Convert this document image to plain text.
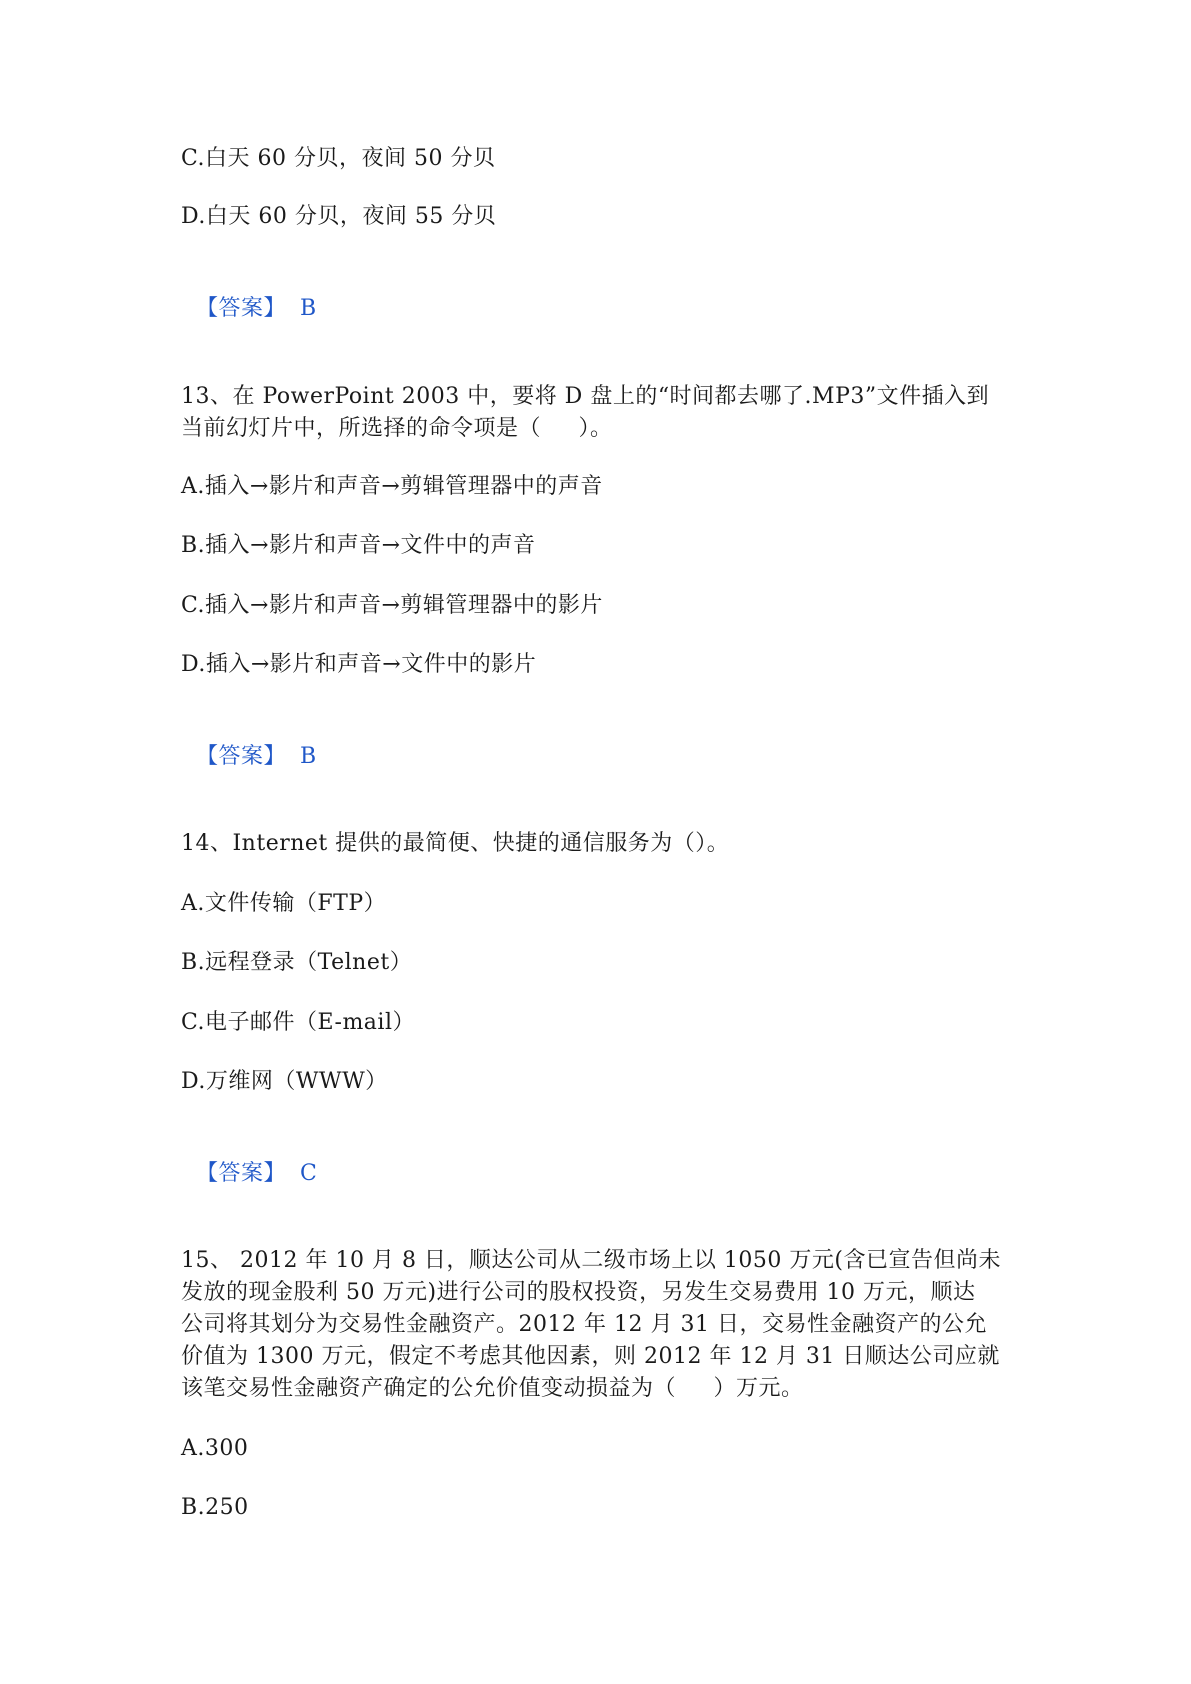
C.白天 60 分贝，夜间 50 分贝
D.白天 60 分贝，夜间 55 分贝

【答案】 B

13、在 PowerPoint 2003 中，要将 D 盘上的“时间都去哪了.MP3”文件插入到
当前幻灯片中，所选择的命令项是（     ）。
A.插入→影片和声音→剪辑管理器中的声音
B.插入→影片和声音→文件中的声音
C.插入→影片和声音→剪辑管理器中的影片
D.插入→影片和声音→文件中的影片

【答案】 B

14、Internet 提供的最简便、快捷的通信服务为（）。
A.文件传输（FTP）
B.远程登录（Telnet）
C.电子邮件（E-mail）
D.万维网（WWW）

【答案】 C

15、 2012 年 10 月 8 日，顺达公司从二级市场上以 1050 万元(含已宣告但尚未
发放的现金股利 50 万元)进行公司的股权投资，另发生交易费用 10 万元，顺达
公司将其划分为交易性金融资产。2012 年 12 月 31 日，交易性金融资产的公允
价值为 1300 万元，假定不考虑其他因素，则 2012 年 12 月 31 日顺达公司应就
该笔交易性金融资产确定的公允价值变动损益为（     ）万元。
A.300
B.250
